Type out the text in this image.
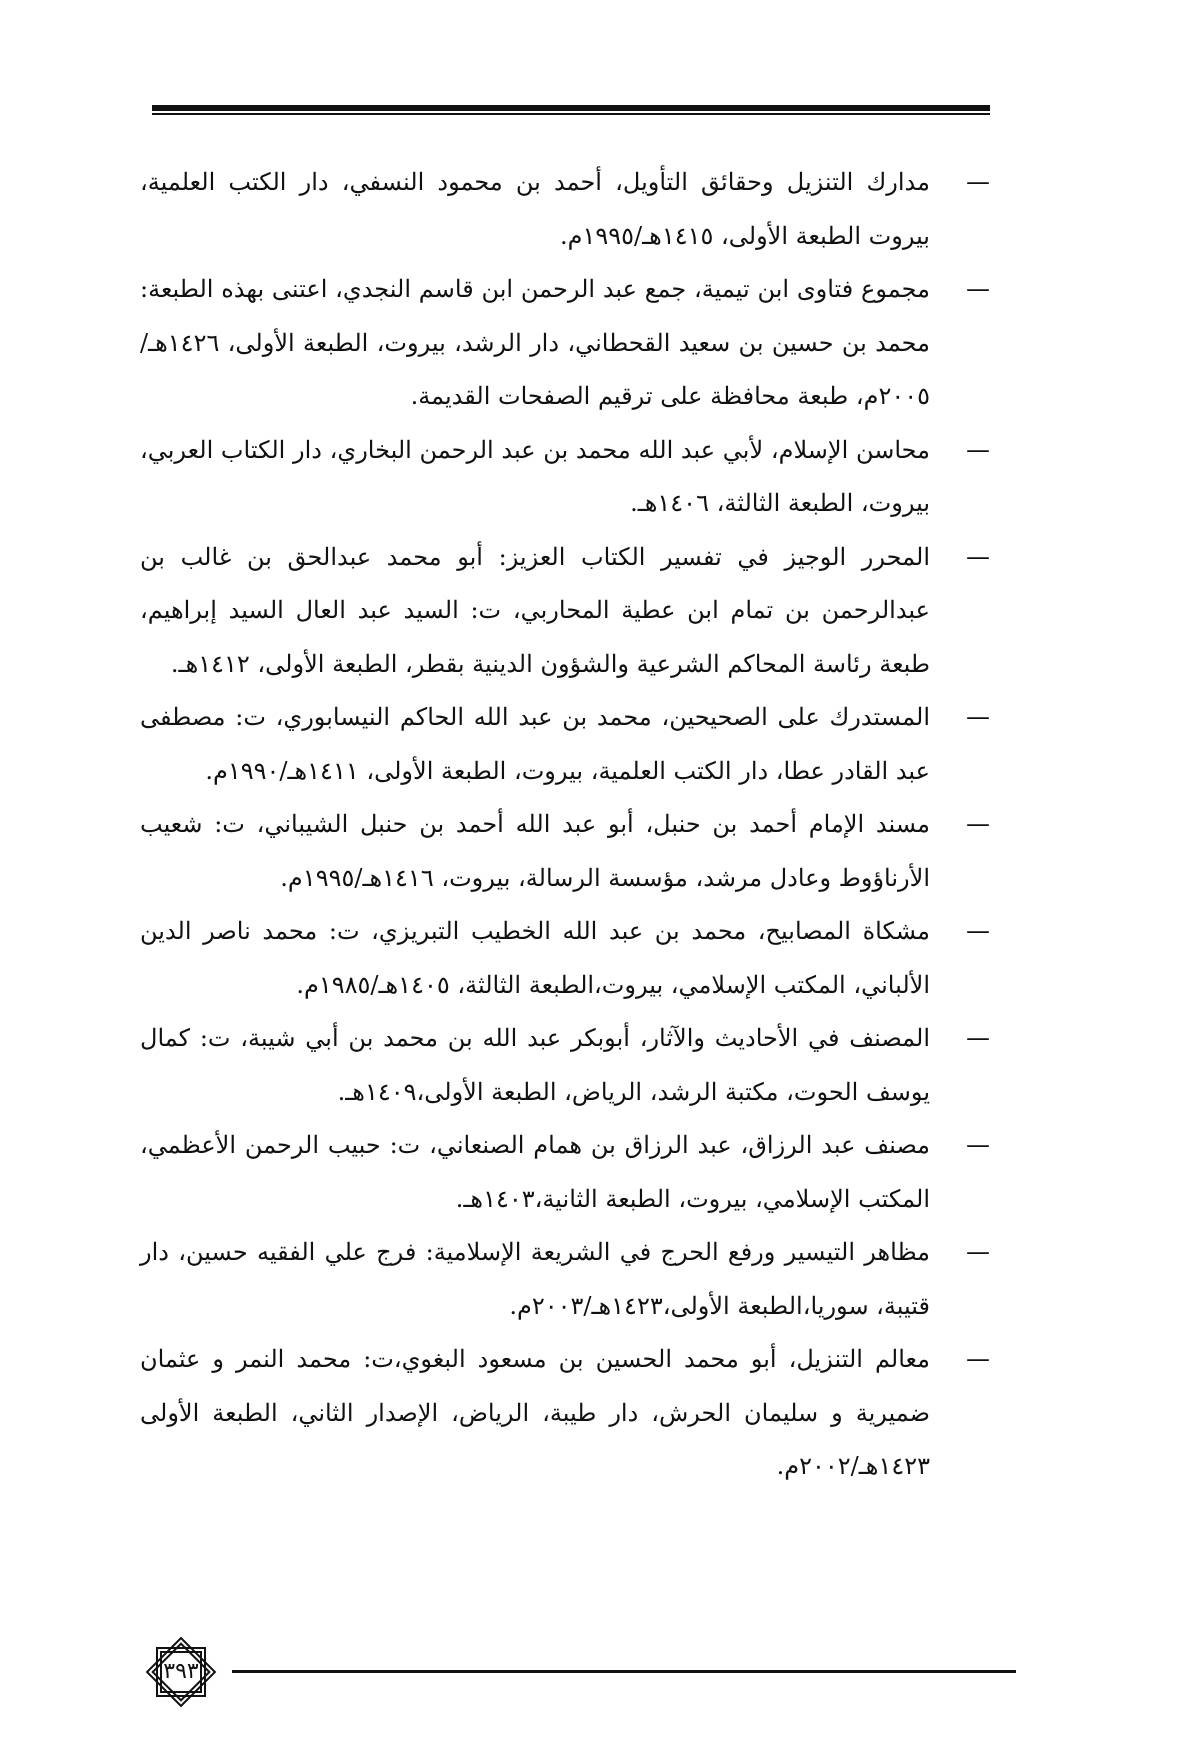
—
مدارك التنزيل وحقائق التأويل، أحمد بن محمود النسفي، دار الكتب العلمية، بيروت الطبعة الأولى، ١٤١٥هـ/١٩٩٥م.
—
مجموع فتاوى ابن تيمية، جمع عبد الرحمن ابن قاسم النجدي، اعتنى بهذه الطبعة: محمد بن حسين بن سعيد القحطاني، دار الرشد، بيروت، الطبعة الأولى، ١٤٢٦هـ/٢٠٠٥م، طبعة محافظة على ترقيم الصفحات القديمة.
—
محاسن الإسلام، لأبي عبد الله محمد بن عبد الرحمن البخاري، دار الكتاب العربي، بيروت، الطبعة الثالثة، ١٤٠٦هـ.
—
المحرر الوجيز في تفسير الكتاب العزيز: أبو محمد عبدالحق بن غالب بن عبدالرحمن بن تمام ابن عطية المحاربي، ت: السيد عبد العال السيد إبراهيم، طبعة رئاسة المحاكم الشرعية والشؤون الدينية بقطر، الطبعة الأولى، ١٤١٢هـ.
—
المستدرك على الصحيحين، محمد بن عبد الله الحاكم النيسابوري، ت: مصطفى عبد القادر عطا، دار الكتب العلمية، بيروت، الطبعة الأولى، ١٤١١هـ/١٩٩٠م.
—
مسند الإمام أحمد بن حنبل، أبو عبد الله أحمد بن حنبل الشيباني، ت: شعيب الأرناؤوط وعادل مرشد، مؤسسة الرسالة، بيروت، ١٤١٦هـ/١٩٩٥م.
—
مشكاة المصابيح، محمد بن عبد الله الخطيب التبريزي، ت: محمد ناصر الدين الألباني، المكتب الإسلامي، بيروت،الطبعة الثالثة، ١٤٠٥هـ/١٩٨٥م.
—
المصنف في الأحاديث والآثار، أبوبكر عبد الله بن محمد بن أبي شيبة، ت: كمال يوسف الحوت، مكتبة الرشد، الرياض، الطبعة الأولى،١٤٠٩هـ.
—
مصنف عبد الرزاق، عبد الرزاق بن همام الصنعاني، ت: حبيب الرحمن الأعظمي، المكتب الإسلامي، بيروت، الطبعة الثانية،١٤٠٣هـ.
—
مظاهر التيسير ورفع الحرج في الشريعة الإسلامية: فرج علي الفقيه حسين، دار قتيبة، سوريا،الطبعة الأولى،١٤٢٣هـ/٢٠٠٣م.
—
معالم التنزيل، أبو محمد الحسين بن مسعود البغوي،ت: محمد النمر و عثمان ضميرية و سليمان الحرش، دار طيبة، الرياض، الإصدار الثاني، الطبعة الأولى ١٤٢٣هـ/٢٠٠٢م.
٣٩٣
